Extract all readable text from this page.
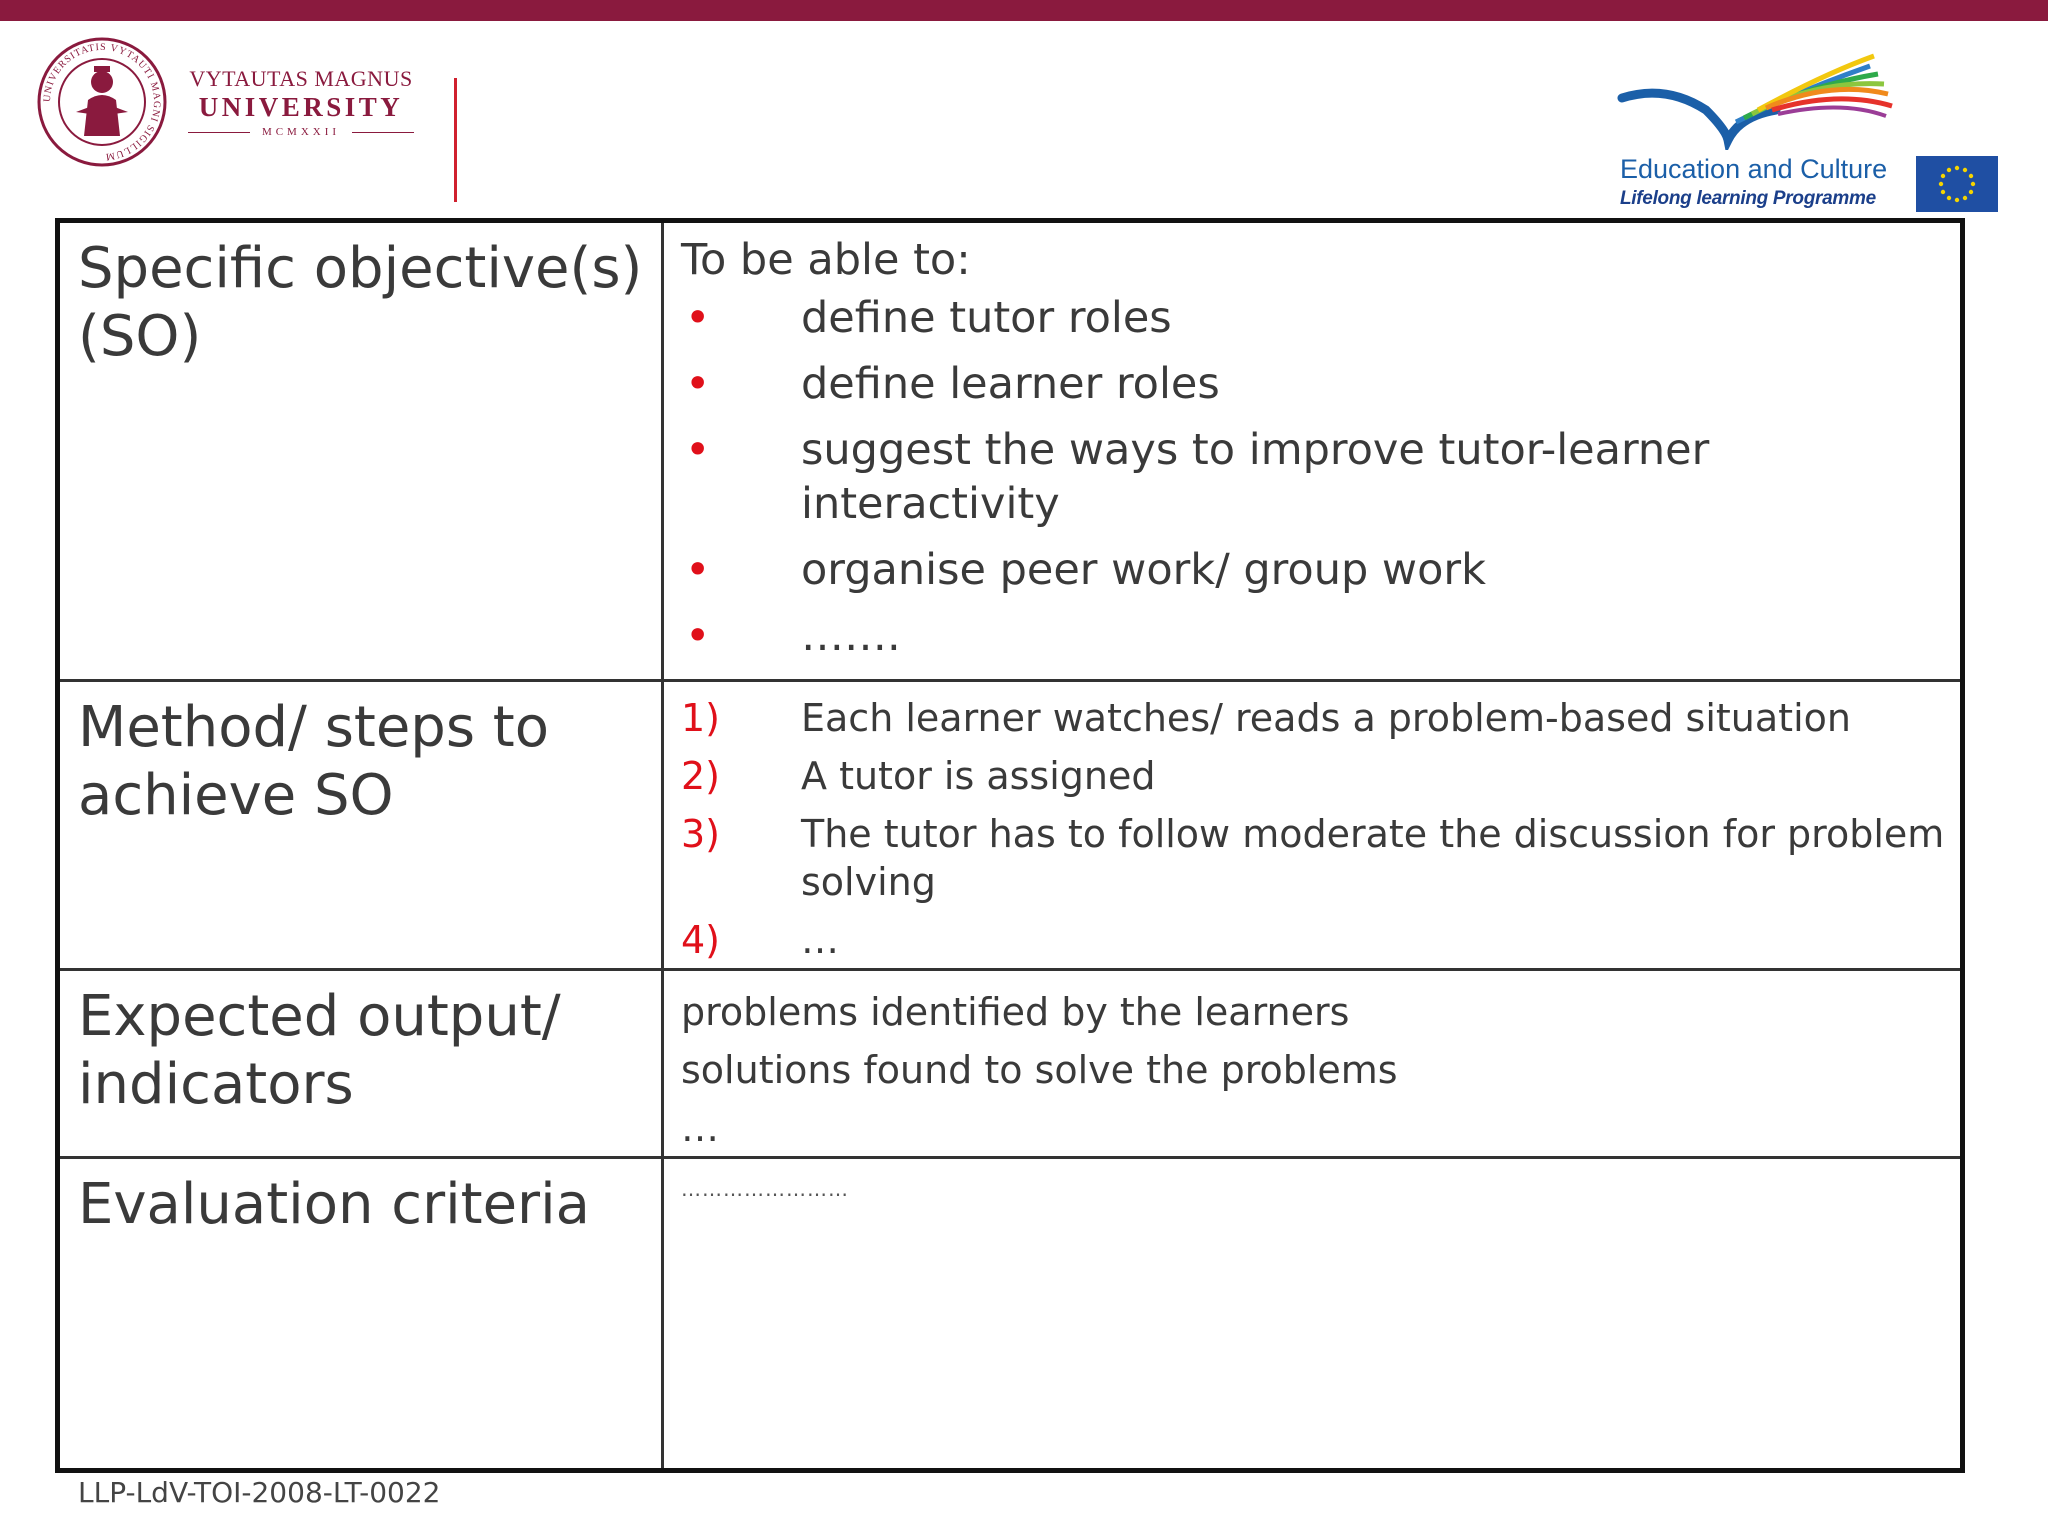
UNIVERSITATIS VYTAUTI MAGNI SIGILLUM
VYTAUTAS MAGNUS
UNIVERSITY
MCMXXII
Education and Culture
Lifelong learning Programme
Specific objective(s) (SO)
To be able to:
• define tutor roles
• define learner roles
• suggest the ways to improve tutor-learner interactivity
• organise peer work/ group work
• …….
Method/ steps to achieve SO
1) Each learner watches/ reads a problem-based situation
2) A tutor is assigned
3) The tutor has to follow moderate the discussion for problem solving
4) …
Expected output/ indicators
problems identified by the learners
solutions found to solve the problems
…
Evaluation criteria	……………………
LLP-LdV-TOI-2008-LT-0022
